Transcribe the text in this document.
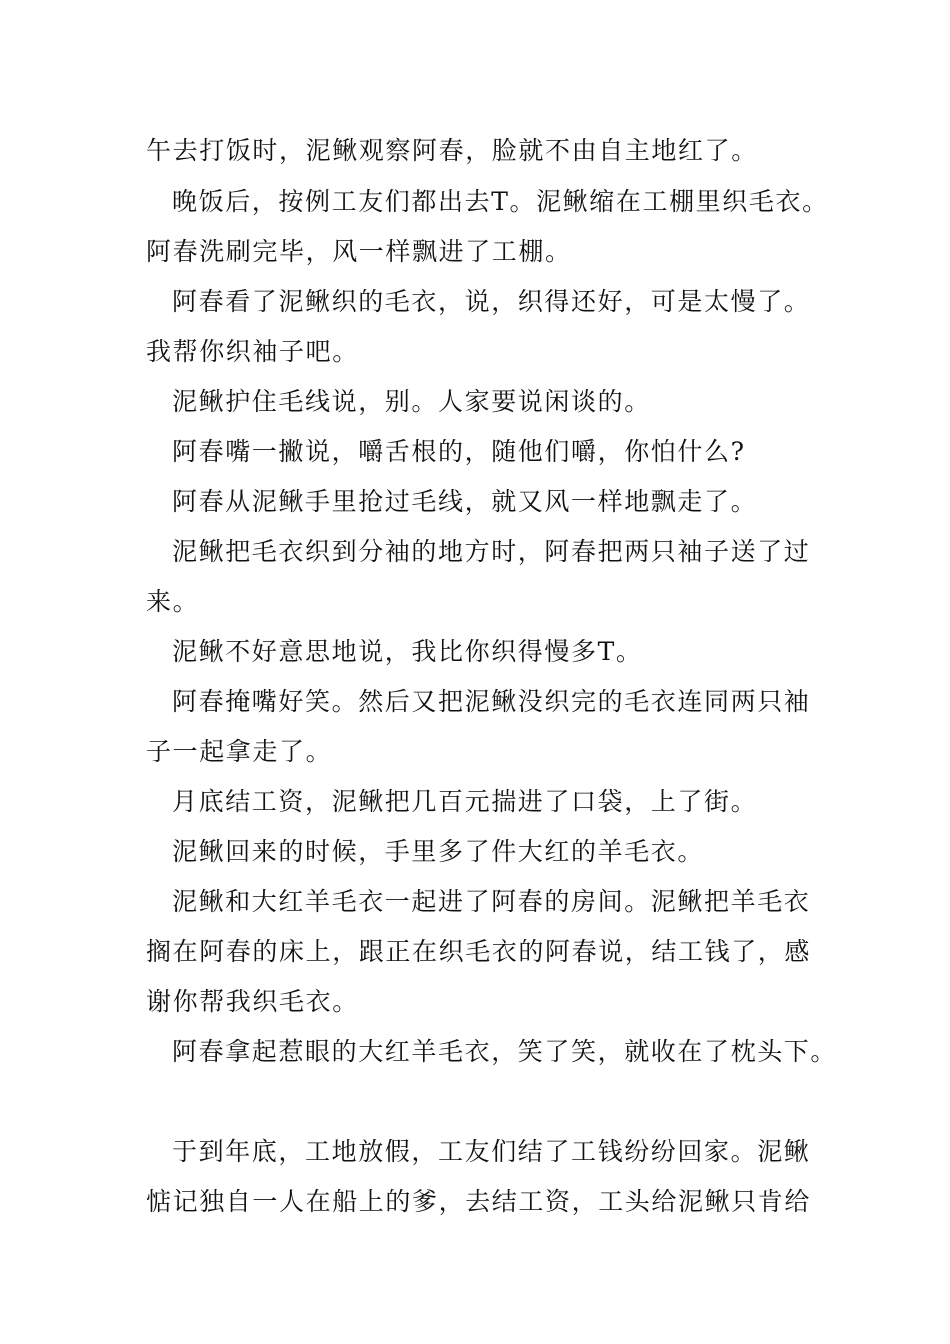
午去打饭时，泥鳅观察阿春，脸就不由自主地红了。
晚饭后，按例工友们都出去T。泥鳅缩在工棚里织毛衣。
阿春洗刷完毕，风一样飘进了工棚。
阿春看了泥鳅织的毛衣，说，织得还好，可是太慢了。
我帮你织袖子吧。
泥鳅护住毛线说，别。人家要说闲谈的。
阿春嘴一撇说，嚼舌根的，随他们嚼，你怕什么?
阿春从泥鳅手里抢过毛线，就又风一样地飘走了。
泥鳅把毛衣织到分袖的地方时，阿春把两只袖子送了过
来。
泥鳅不好意思地说，我比你织得慢多T。
阿春掩嘴好笑。然后又把泥鳅没织完的毛衣连同两只袖
子一起拿走了。
月底结工资，泥鳅把几百元揣进了口袋，上了街。
泥鳅回来的时候，手里多了件大红的羊毛衣。
泥鳅和大红羊毛衣一起进了阿春的房间。泥鳅把羊毛衣
搁在阿春的床上，跟正在织毛衣的阿春说，结工钱了，感
谢你帮我织毛衣。
阿春拿起惹眼的大红羊毛衣，笑了笑，就收在了枕头下。
于到年底，工地放假，工友们结了工钱纷纷回家。泥鳅
惦记独自一人在船上的爹，去结工资，工头给泥鳅只肯给
